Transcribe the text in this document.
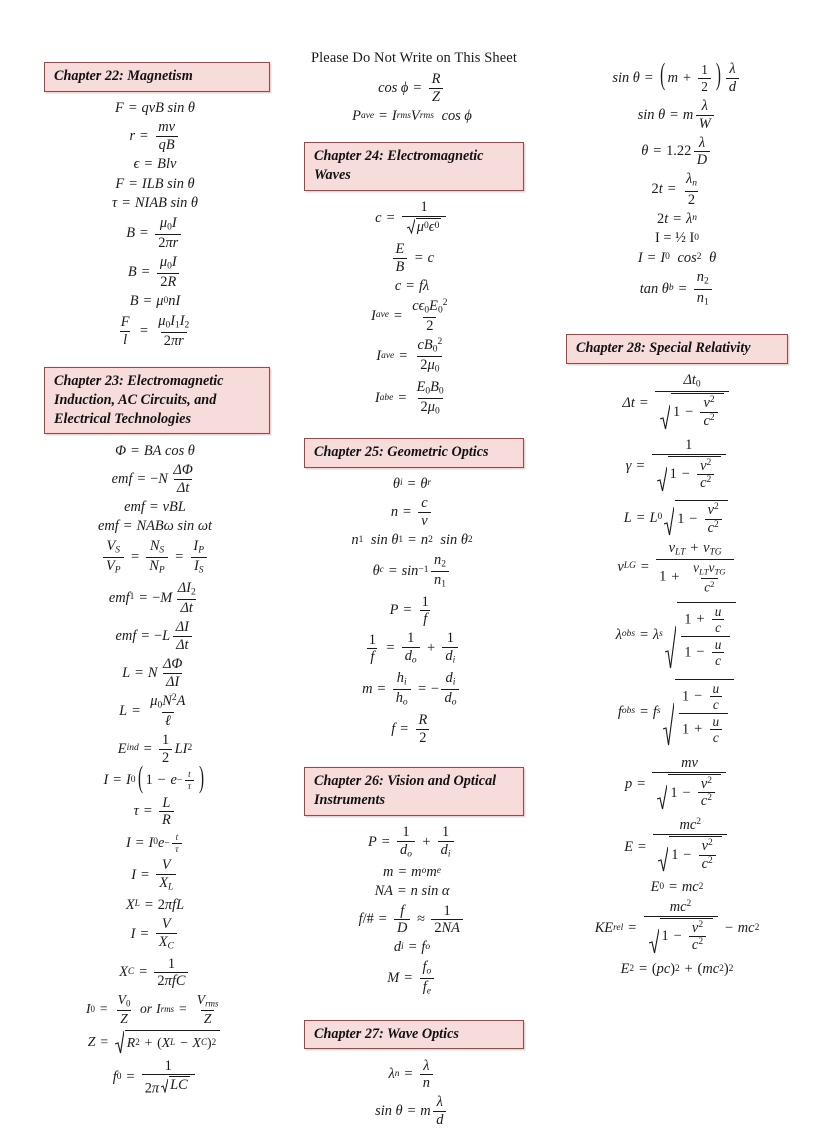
Please Do Not Write on This Sheet
Chapter 22: Magnetism
F = qvB sin θ
$r = \frac{mv}{qB}$
ϵ = Blv
F = ILB sin θ
τ = NIAB sin θ
$B = \frac{\mu_0I}{2\pi r}$
$B = \frac{\mu_0I}{2R}$
B = μ 0 nI
$\frac{F}{l} = \frac{\mu_0I_1I_2}{2\pi r}$
Chapter 23: Electromagnetic
Induction, AC Circuits, and
Electrical Technologies
Φ = BA cos θ
emf = − N $\frac{\Delta\Phi}{\Delta t}$
emf = vBL
emf = NABω sin ωt
$\frac{V_S}{V_P} = \frac{N_S}{N_P} = \frac{I_P}{I_S}$
emf 1 = − M $\frac{\Delta I_2}{\Delta t}$
emf = − L $\frac{\Delta I}{\Delta t}$
L = N $\frac{\Delta\Phi}{\Delta I}$
$L = \frac{\mu_0N^2A}{\text{ℓ}}$
E ind = $\frac{1}{2}$ LI 2
I = I 0 ( $1 - e - \frac{t}{\tau}$ )
$\tau = \frac{L}{R}$
I = I 0 $e - \frac{t}{\tau}$
$I = \frac{V}{X_L}$
X L = 2 πfL
$I = \frac{V}{X_C}$
X $C = \frac{1}{\text{2πfC}}$
I $0 = \frac{V_0}{Z}$ or I rms = $\frac{V_{rms}}{Z}$
Z = R 2 + ( X L − X C ) 2
f $0 = \frac{1}{\text{2π LC}}$
$\cos \phi = \frac{R}{Z}$
P ave = I rms V rms
cos ϕ
Chapter 24: Electromagnetic
Waves
$c = \frac{1}{\mu 0 \epsilon 0}$
$\frac{E}{B} = c$
c = fλ
I ave = $\frac{c\epsilon_0E_0^2}{2}$
I ave = $\frac{cB_0^2}{2\mu_0}$
I abe = $\frac{E_0B_0}{2\mu_0}$
Chapter 25: Geometric Optics
θ i = θ r
$n = \frac{c}{v}$
n 1
sin θ 1 = n 2
sin θ 2
θ $c = \sin -1 \frac{n_2}{n_1}$
$P = \frac{1}{f}$
$\frac{1}{f} = \frac{1}{d_o} + \frac{1}{d_i}$
$m = \frac{h_i}{h_o}$ = − $\frac{d_i}{d_o}$
$f = \frac{R}{2}$
Chapter 26: Vision and Optical
Instruments
$P = \frac{1}{d_o} + \frac{1}{d_i}$
m = m o m e
NA = n sin α
f /# = $\frac{f}{D} \approx \frac{1}{2NA}$
d i = f o
$M = \frac{f_o}{f_e}$
Chapter 27: Wave Optics
λ $n = \frac{\lambda}{n}$
sin θ = m $\frac{\lambda}{d}$
sin θ = ( $m + \frac{1}{2}$ ) $\frac{\lambda}{d}$
sin θ = m $\frac{\lambda}{W}$
$\theta = 1.22 \frac{\lambda}{D}$
2 $t = \frac{\lambda_n}{2}$
2 t = λ n
I = ½ I 0
I = I 0
cos 2
θ
tan θ $b = \frac{n_2}{n_1}$
Chapter 28: Special Relativity
$\Delta t = \frac{\Delta t_0}{1 - \frac{v^2}{c^2}}$
$\gamma = \frac{1}{1 - \frac{v^2}{c^2}}$
L = L 0 $1 - \frac{v^2}{c^2}$
v LG = $\frac{v_{LT} + v_{TG}}{1 + \frac{v_{LT}v_{TG}}{c^2}}$
λ obs = λ s $\frac{1 + \frac{u}{c}}{1 - \frac{u}{c}}$
f obs = f s $\frac{1 - \frac{u}{c}}{1 + \frac{u}{c}}$
$p = \frac{mv}{1 - \frac{v^2}{c^2}}$
$E = \frac{mc^2}{1 - \frac{v^2}{c^2}}$
E 0 = mc 2
KE rel = $\frac{mc^2}{1 - \frac{v^2}{c^2}}$ − mc 2
E 2 = ( pc ) 2 + ( mc 2 ) 2
